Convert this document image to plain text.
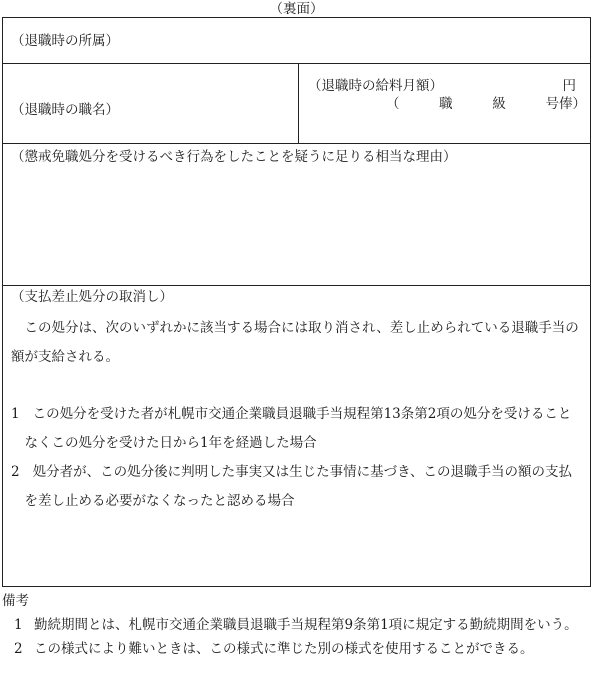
（裏面）
（退職時の所属）
（退職時の職名）
（退職時の給料月額）	円
（	職	級	号俸）
（懲戒免職処分を受けるべき行為をしたことを疑うに足りる相当な理由）
（支払差止処分の取消し）

この処分は、次のいずれかに該当する場合には取り消され、差し止められている退職手当の額が支給される。

1 この処分を受けた者が札幌市交通企業職員退職手当規程第13条第2項の処分を受けることなくこの処分を受けた日から1年を経過した場合

2 処分者が、この処分後に判明した事実又は生じた事情に基づき、この退職手当の額の支払を差し止める必要がなくなったと認める場合

備考

1 勤続期間とは、札幌市交通企業職員退職手当規程第9条第1項に規定する勤続期間をいう。

2 この様式により難いときは、この様式に準じた別の様式を使用することができる。
